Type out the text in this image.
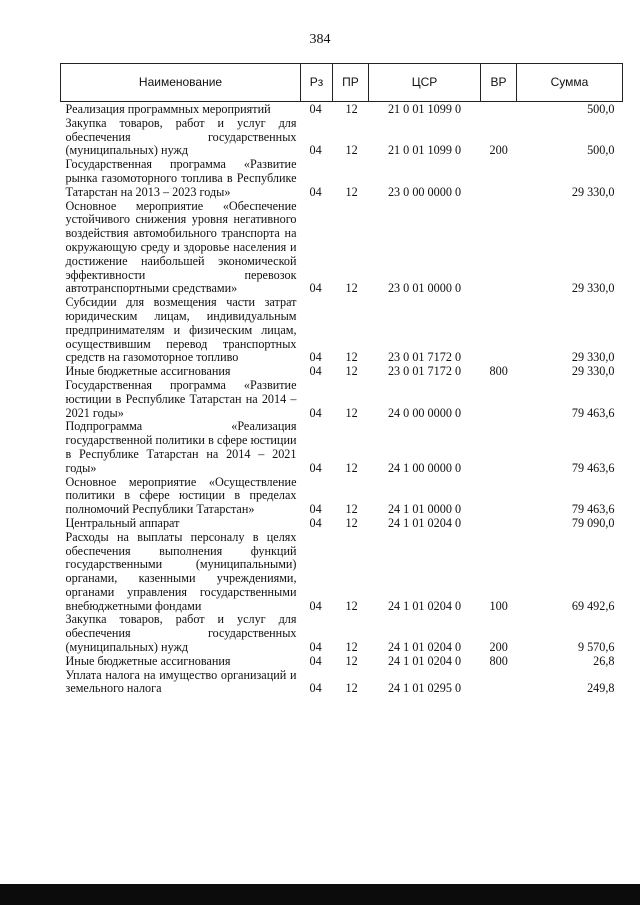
384
Наименование	Рз	ПР	ЦСР	ВР	Сумма
Реализация программных мероприятий	04	12	21 0 01 1099 0		500,0
Закупка товаров, работ и услуг для обеспечения государственных (муниципальных) нужд	04	12	21 0 01 1099 0	200	500,0
Государственная программа «Развитие рынка газомоторного топлива в Республике Татарстан на 2013 – 2023 годы»	04	12	23 0 00 0000 0		29 330,0
Основное мероприятие «Обеспечение устойчивого снижения уровня негативного воздействия автомобильного транспорта на окружающую среду и здоровье населения и достижение наибольшей экономической эффективности перевозок автотранспортными средствами»	04	12	23 0 01 0000 0		29 330,0
Субсидии для возмещения части затрат юридическим лицам, индивидуальным предпринимателям и физическим лицам, осуществившим перевод транспортных средств на газомоторное топливо	04	12	23 0 01 7172 0		29 330,0
Иные бюджетные ассигнования	04	12	23 0 01 7172 0	800	29 330,0
Государственная программа «Развитие юстиции в Республике Татарстан на 2014 – 2021 годы»	04	12	24 0 00 0000 0		79 463,6
Подпрограмма «Реализация государственной политики в сфере юстиции в Республике Татарстан на 2014 – 2021 годы»	04	12	24 1 00 0000 0		79 463,6
Основное мероприятие «Осуществление политики в сфере юстиции в пределах полномочий Республики Татарстан»	04	12	24 1 01 0000 0		79 463,6
Центральный аппарат	04	12	24 1 01 0204 0		79 090,0
Расходы на выплаты персоналу в целях обеспечения выполнения функций государственными (муниципальными) органами, казенными учреждениями, органами управления государственными внебюджетными фондами	04	12	24 1 01 0204 0	100	69 492,6
Закупка товаров, работ и услуг для обеспечения государственных (муниципальных) нужд	04	12	24 1 01 0204 0	200	9 570,6
Иные бюджетные ассигнования	04	12	24 1 01 0204 0	800	26,8
Уплата налога на имущество организаций и земельного налога	04	12	24 1 01 0295 0		249,8
